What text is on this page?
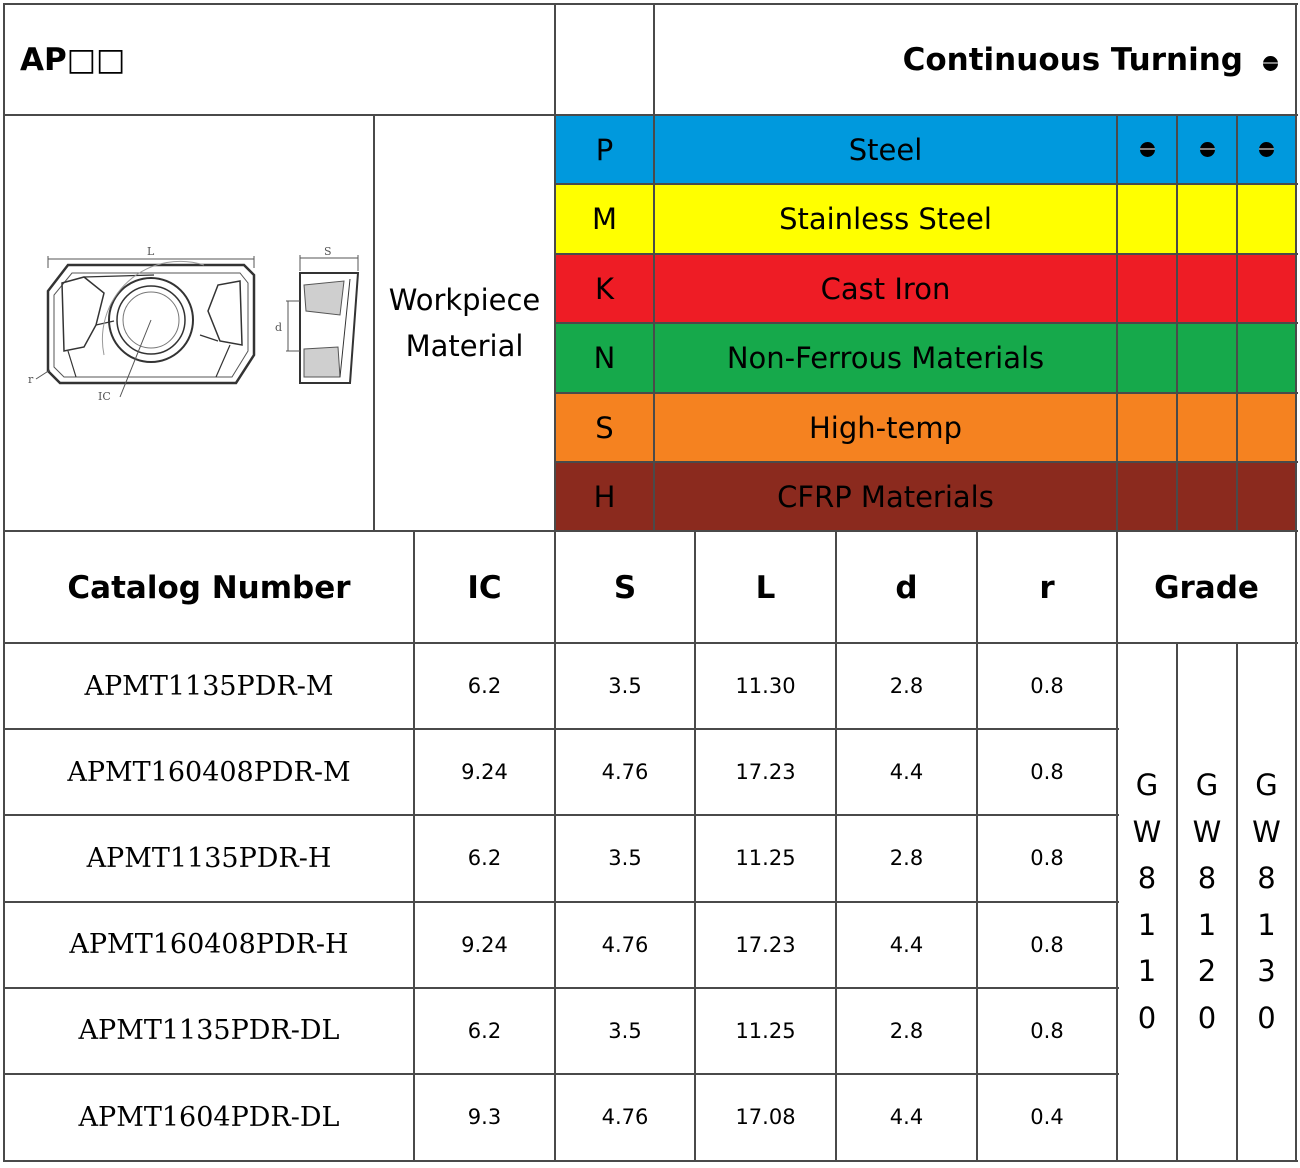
AP□□	Continuous Turning
L
IC
r
S
d
Workpiece
Material
P	Steel
M	Stainless Steel
K	Cast Iron
N	Non-Ferrous Materials
S	High-temp
H	CFRP Materials
Catalog Number	IC	S	L	d	r	Grade
APMT1135PDR-M	6.2	3.5	11.30	2.8	0.8
APMT160408PDR-M	9.24	4.76	17.23	4.4	0.8
APMT1135PDR-H	6.2	3.5	11.25	2.8	0.8
APMT160408PDR-H	9.24	4.76	17.23	4.4	0.8
APMT1135PDR-DL	6.2	3.5	11.25	2.8	0.8
APMT1604PDR-DL	9.3	4.76	17.08	4.4	0.4
G
W
8
1
1
0
G
W
8
1
2
0
G
W
8
1
3
0
